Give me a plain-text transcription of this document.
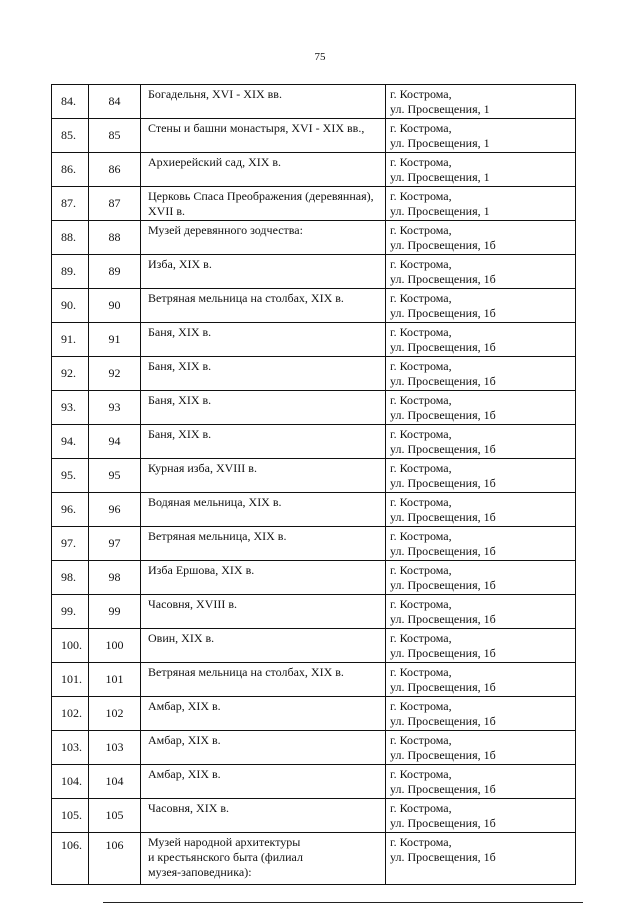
75
84.	84	Богадельня, XVI - XIX вв.	г. Кострома,
ул. Просвещения, 1

85.	85	Стены и башни монастыря, XVI - XIX вв.,	г. Кострома,
ул. Просвещения, 1

86.	86	Архиерейский сад, XIX в.	г. Кострома,
ул. Просвещения, 1

87.	87	Церковь Спаса Преображения (деревянная),
XVII в.	г. Кострома,
ул. Просвещения, 1

88.	88	Музей деревянного зодчества:	г. Кострома,
ул. Просвещения, 1б

89.	89	Изба, XIX в.	г. Кострома,
ул. Просвещения, 1б

90.	90	Ветряная мельница на столбах, XIX в.	г. Кострома,
ул. Просвещения, 1б

91.	91	Баня, XIX в.	г. Кострома,
ул. Просвещения, 1б

92.	92	Баня, XIX в.	г. Кострома,
ул. Просвещения, 1б

93.	93	Баня, XIX в.	г. Кострома,
ул. Просвещения, 1б

94.	94	Баня, XIX в.	г. Кострома,
ул. Просвещения, 1б

95.	95	Курная изба, XVIII в.	г. Кострома,
ул. Просвещения, 1б

96.	96	Водяная мельница, XIX в.	г. Кострома,
ул. Просвещения, 1б

97.	97	Ветряная мельница, XIX в.	г. Кострома,
ул. Просвещения, 1б

98.	98	Изба Ершова, XIX в.	г. Кострома,
ул. Просвещения, 1б

99.	99	Часовня, XVIII в.	г. Кострома,
ул. Просвещения, 1б

100.	100	Овин, XIX в.	г. Кострома,
ул. Просвещения, 1б

101.	101	Ветряная мельница на столбах, XIX в.	г. Кострома,
ул. Просвещения, 1б

102.	102	Амбар, XIX в.	г. Кострома,
ул. Просвещения, 1б

103.	103	Амбар, XIX в.	г. Кострома,
ул. Просвещения, 1б

104.	104	Амбар, XIX в.	г. Кострома,
ул. Просвещения, 1б

105.	105	Часовня, XIX в.	г. Кострома,
ул. Просвещения, 1б

106.	106	Музей народной архитектуры
и крестьянского быта (филиал
музея-заповедника):	г. Кострома,
ул. Просвещения, 1б
